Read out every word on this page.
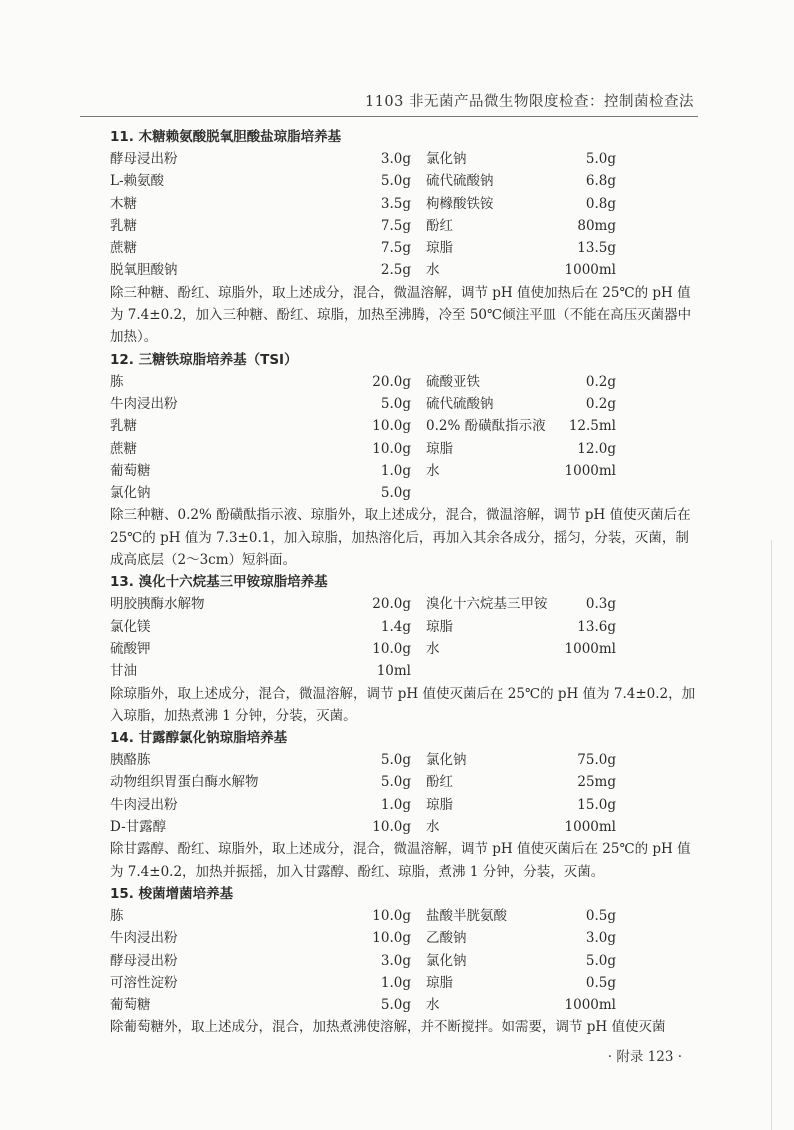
1103 非无菌产品微生物限度检查：控制菌检查法
11. 木糖赖氨酸脱氧胆酸盐琼脂培养基
酵母浸出粉	3.0g 氯化钠	5.0g
L-赖氨酸	5.0g 硫代硫酸钠	6.8g
木糖	3.5g 枸橼酸铁铵	0.8g
乳糖	7.5g 酚红	80mg
蔗糖	7.5g 琼脂	13.5g
脱氧胆酸钠	2.5g 水	1000ml

除三种糖、酚红、琼脂外，取上述成分，混合，微温溶解，调节 pH 值使加热后在 25℃的 pH 值为 7.4±0.2，加入三种糖、酚红、琼脂，加热至沸腾，冷至 50℃倾注平皿（不能在高压灭菌器中加热）。

12. 三糖铁琼脂培养基（TSI）
胨	20.0g 硫酸亚铁	0.2g
牛肉浸出粉	5.0g 硫代硫酸钠	0.2g
乳糖	10.0g 0.2% 酚磺酞指示液 12.5ml
蔗糖	10.0g 琼脂	12.0g
葡萄糖	1.0g 水	1000ml
氯化钠	5.0g

除三种糖、0.2% 酚磺酞指示液、琼脂外，取上述成分，混合，微温溶解，调节 pH 值使灭菌后在 25℃的 pH 值为 7.3±0.1，加入琼脂，加热溶化后，再加入其余各成分，摇匀，分装，灭菌，制成高底层（2～3cm）短斜面。

13. 溴化十六烷基三甲铵琼脂培养基
明胶胰酶水解物	20.0g 溴化十六烷基三甲铵	0.3g
氯化镁	1.4g 琼脂	13.6g
硫酸钾	10.0g 水	1000ml
甘油	10ml

除琼脂外，取上述成分，混合，微温溶解，调节 pH 值使灭菌后在 25℃的 pH 值为 7.4±0.2，加入琼脂，加热煮沸 1 分钟，分装，灭菌。

14. 甘露醇氯化钠琼脂培养基
胰酪胨	5.0g 氯化钠	75.0g
动物组织胃蛋白酶水解物	5.0g 酚红	25mg
牛肉浸出粉	1.0g 琼脂	15.0g
D-甘露醇	10.0g 水	1000ml

除甘露醇、酚红、琼脂外，取上述成分，混合，微温溶解，调节 pH 值使灭菌后在 25℃的 pH 值为 7.4±0.2，加热并振摇，加入甘露醇、酚红、琼脂，煮沸 1 分钟，分装，灭菌。

15. 梭菌增菌培养基
胨	10.0g 盐酸半胱氨酸	0.5g
牛肉浸出粉	10.0g 乙酸钠	3.0g
酵母浸出粉	3.0g 氯化钠	5.0g
可溶性淀粉	1.0g 琼脂	0.5g
葡萄糖	5.0g 水	1000ml

除葡萄糖外，取上述成分，混合，加热煮沸使溶解，并不断搅拌。如需要，调节 pH 值使灭菌

· 附录 123 ·
